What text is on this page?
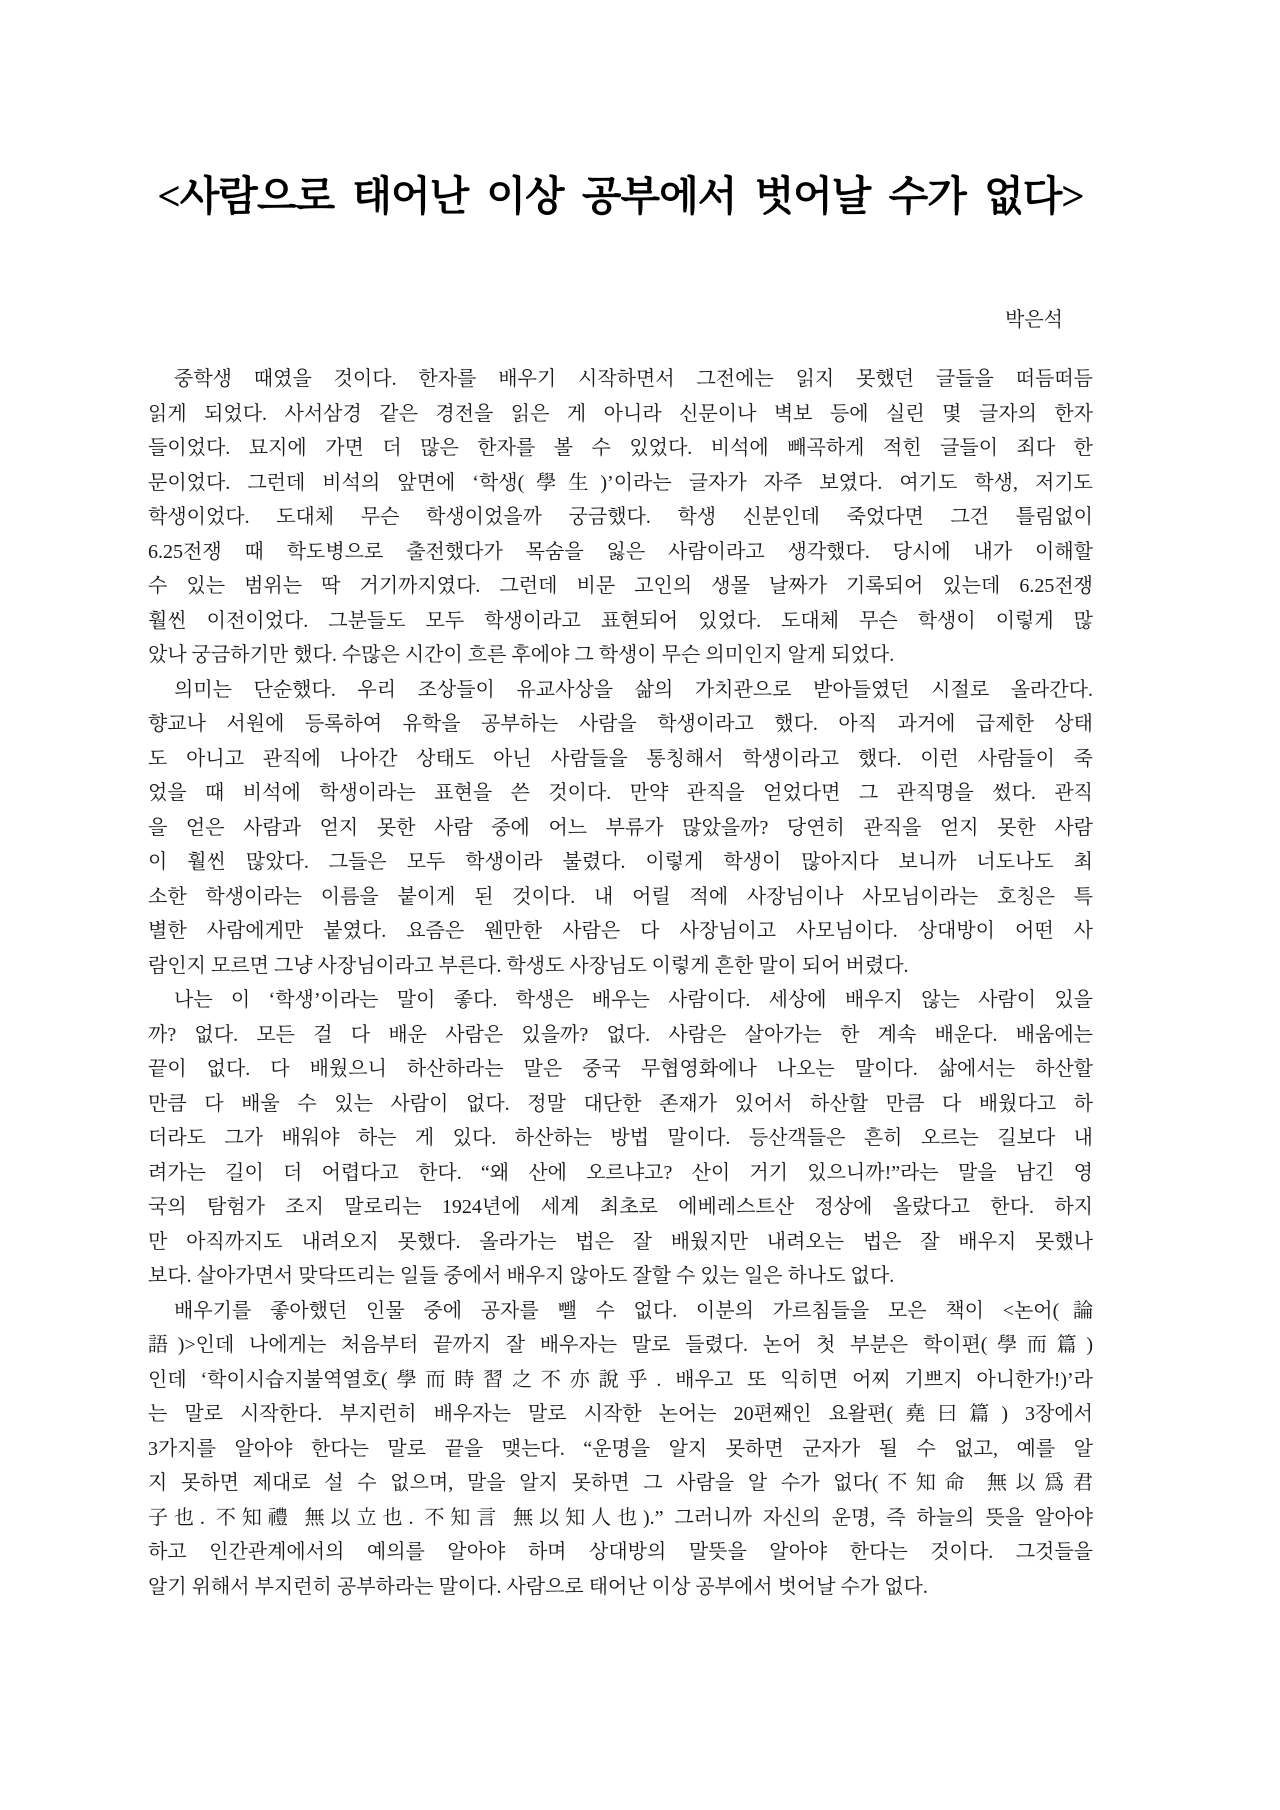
<사람으로 태어난 이상 공부에서 벗어날 수가 없다>
박은석
중학생 때였을 것이다. 한자를 배우기 시작하면서 그전에는 읽지 못했던 글들을 떠듬떠듬
읽게 되었다. 사서삼경 같은 경전을 읽은 게 아니라 신문이나 벽보 등에 실린 몇 글자의 한자
들이었다. 묘지에 가면 더 많은 한자를 볼 수 있었다. 비석에 빼곡하게 적힌 글들이 죄다 한
문이었다. 그런데 비석의 앞면에 ‘학생(學生)’이라는 글자가 자주 보였다. 여기도 학생, 저기도
학생이었다. 도대체 무슨 학생이었을까 궁금했다. 학생 신분인데 죽었다면 그건 틀림없이
6.25전쟁 때 학도병으로 출전했다가 목숨을 잃은 사람이라고 생각했다. 당시에 내가 이해할
수 있는 범위는 딱 거기까지였다. 그런데 비문 고인의 생몰 날짜가 기록되어 있는데 6.25전쟁
훨씬 이전이었다. 그분들도 모두 학생이라고 표현되어 있었다. 도대체 무슨 학생이 이렇게 많
았나 궁금하기만 했다. 수많은 시간이 흐른 후에야 그 학생이 무슨 의미인지 알게 되었다.
의미는 단순했다. 우리 조상들이 유교사상을 삶의 가치관으로 받아들였던 시절로 올라간다.
향교나 서원에 등록하여 유학을 공부하는 사람을 학생이라고 했다. 아직 과거에 급제한 상태
도 아니고 관직에 나아간 상태도 아닌 사람들을 통칭해서 학생이라고 했다. 이런 사람들이 죽
었을 때 비석에 학생이라는 표현을 쓴 것이다. 만약 관직을 얻었다면 그 관직명을 썼다. 관직
을 얻은 사람과 얻지 못한 사람 중에 어느 부류가 많았을까? 당연히 관직을 얻지 못한 사람
이 훨씬 많았다. 그들은 모두 학생이라 불렸다. 이렇게 학생이 많아지다 보니까 너도나도 최
소한 학생이라는 이름을 붙이게 된 것이다. 내 어릴 적에 사장님이나 사모님이라는 호칭은 특
별한 사람에게만 붙였다. 요즘은 웬만한 사람은 다 사장님이고 사모님이다. 상대방이 어떤 사
람인지 모르면 그냥 사장님이라고 부른다. 학생도 사장님도 이렇게 흔한 말이 되어 버렸다.
나는 이 ‘학생’이라는 말이 좋다. 학생은 배우는 사람이다. 세상에 배우지 않는 사람이 있을
까? 없다. 모든 걸 다 배운 사람은 있을까? 없다. 사람은 살아가는 한 계속 배운다. 배움에는
끝이 없다. 다 배웠으니 하산하라는 말은 중국 무협영화에나 나오는 말이다. 삶에서는 하산할
만큼 다 배울 수 있는 사람이 없다. 정말 대단한 존재가 있어서 하산할 만큼 다 배웠다고 하
더라도 그가 배워야 하는 게 있다. 하산하는 방법 말이다. 등산객들은 흔히 오르는 길보다 내
려가는 길이 더 어렵다고 한다. “왜 산에 오르냐고? 산이 거기 있으니까!”라는 말을 남긴 영
국의 탐험가 조지 말로리는 1924년에 세계 최초로 에베레스트산 정상에 올랐다고 한다. 하지
만 아직까지도 내려오지 못했다. 올라가는 법은 잘 배웠지만 내려오는 법은 잘 배우지 못했나
보다. 살아가면서 맞닥뜨리는 일들 중에서 배우지 않아도 잘할 수 있는 일은 하나도 없다.
배우기를 좋아했던 인물 중에 공자를 뺄 수 없다. 이분의 가르침들을 모은 책이 <논어(論
語)>인데 나에게는 처음부터 끝까지 잘 배우자는 말로 들렸다. 논어 첫 부분은 학이편(學而篇)
인데 ‘학이시습지불역열호(學而時習之不亦說乎. 배우고 또 익히면 어찌 기쁘지 아니한가!)’라
는 말로 시작한다. 부지런히 배우자는 말로 시작한 논어는 20편째인 요왈편(堯曰篇) 3장에서
3가지를 알아야 한다는 말로 끝을 맺는다. “운명을 알지 못하면 군자가 될 수 없고, 예를 알
지 못하면 제대로 설 수 없으며, 말을 알지 못하면 그 사람을 알 수가 없다(不知命 無以爲君
子也. 不知禮 無以立也. 不知言 無以知人也).” 그러니까 자신의 운명, 즉 하늘의 뜻을 알아야
하고 인간관계에서의 예의를 알아야 하며 상대방의 말뜻을 알아야 한다는 것이다. 그것들을
알기 위해서 부지런히 공부하라는 말이다. 사람으로 태어난 이상 공부에서 벗어날 수가 없다.
